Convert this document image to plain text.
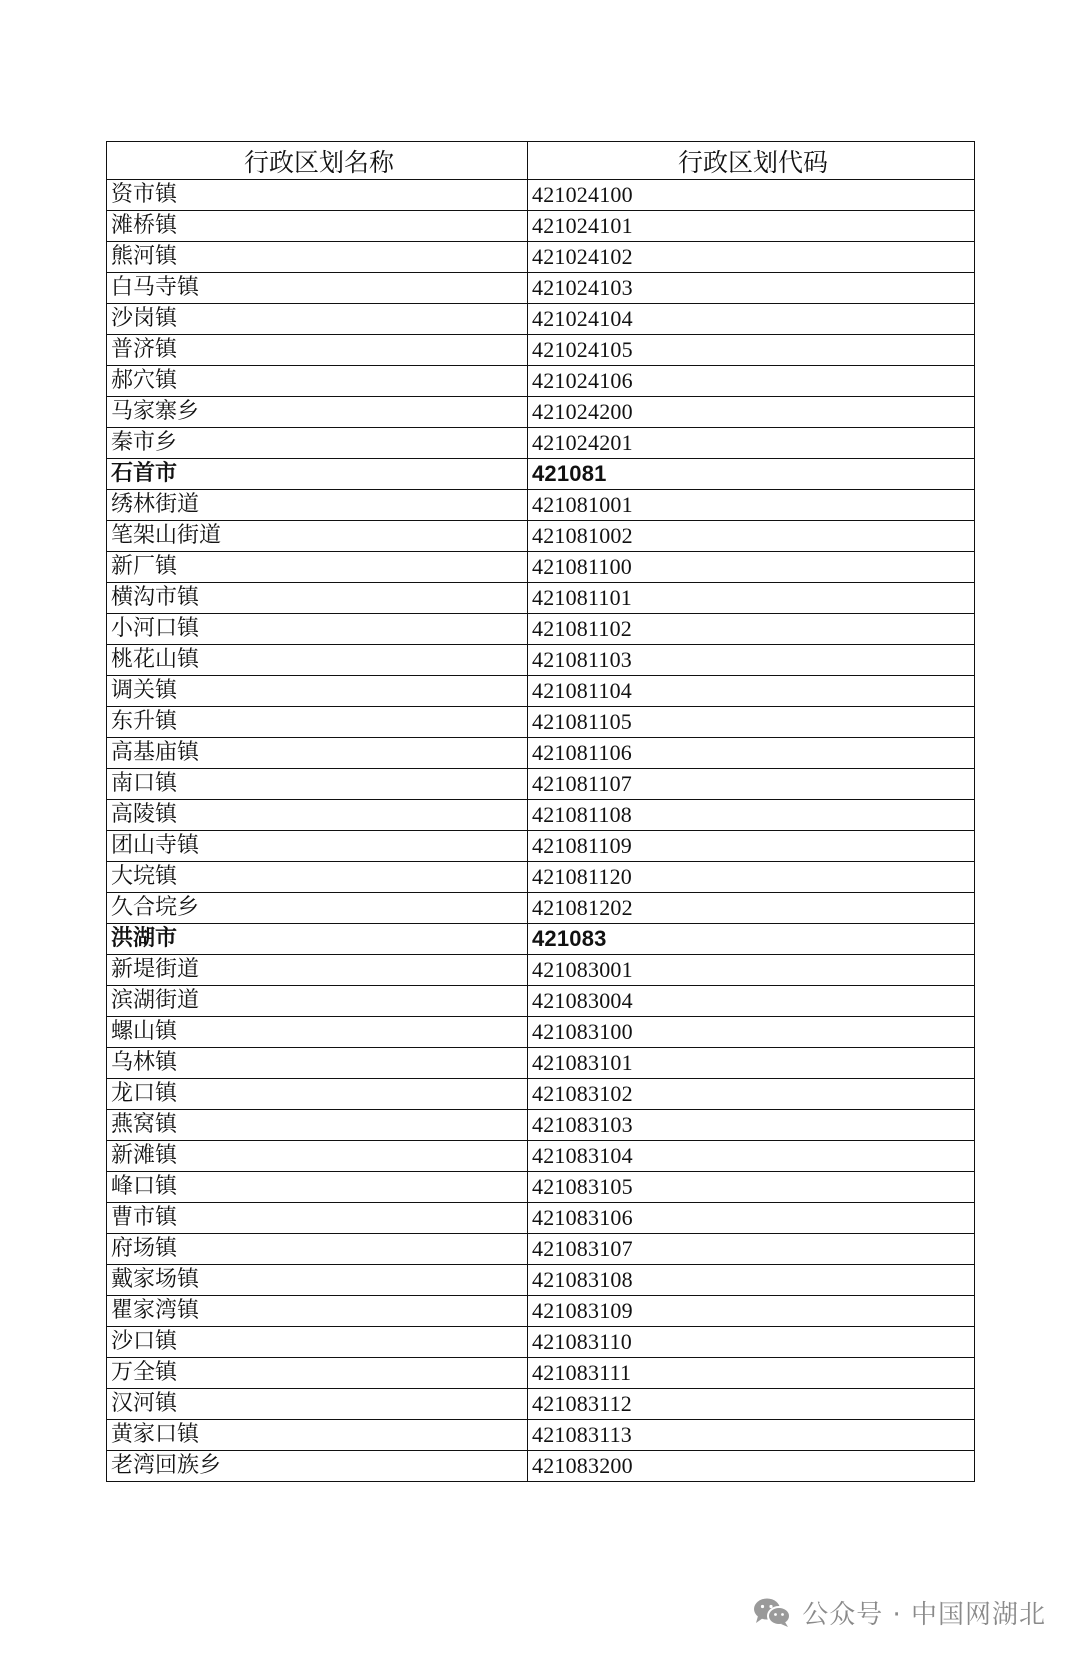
行政区划名称	行政区划代码
资市镇	421024100
滩桥镇	421024101
熊河镇	421024102
白马寺镇	421024103
沙岗镇	421024104
普济镇	421024105
郝穴镇	421024106
马家寨乡	421024200
秦市乡	421024201
石首市	421081
绣林街道	421081001
笔架山街道	421081002
新厂镇	421081100
横沟市镇	421081101
小河口镇	421081102
桃花山镇	421081103
调关镇	421081104
东升镇	421081105
高基庙镇	421081106
南口镇	421081107
高陵镇	421081108
团山寺镇	421081109
大垸镇	421081120
久合垸乡	421081202
洪湖市	421083
新堤街道	421083001
滨湖街道	421083004
螺山镇	421083100
乌林镇	421083101
龙口镇	421083102
燕窝镇	421083103
新滩镇	421083104
峰口镇	421083105
曹市镇	421083106
府场镇	421083107
戴家场镇	421083108
瞿家湾镇	421083109
沙口镇	421083110
万全镇	421083111
汉河镇	421083112
黄家口镇	421083113
老湾回族乡	421083200
公众号 · 中国网湖北
